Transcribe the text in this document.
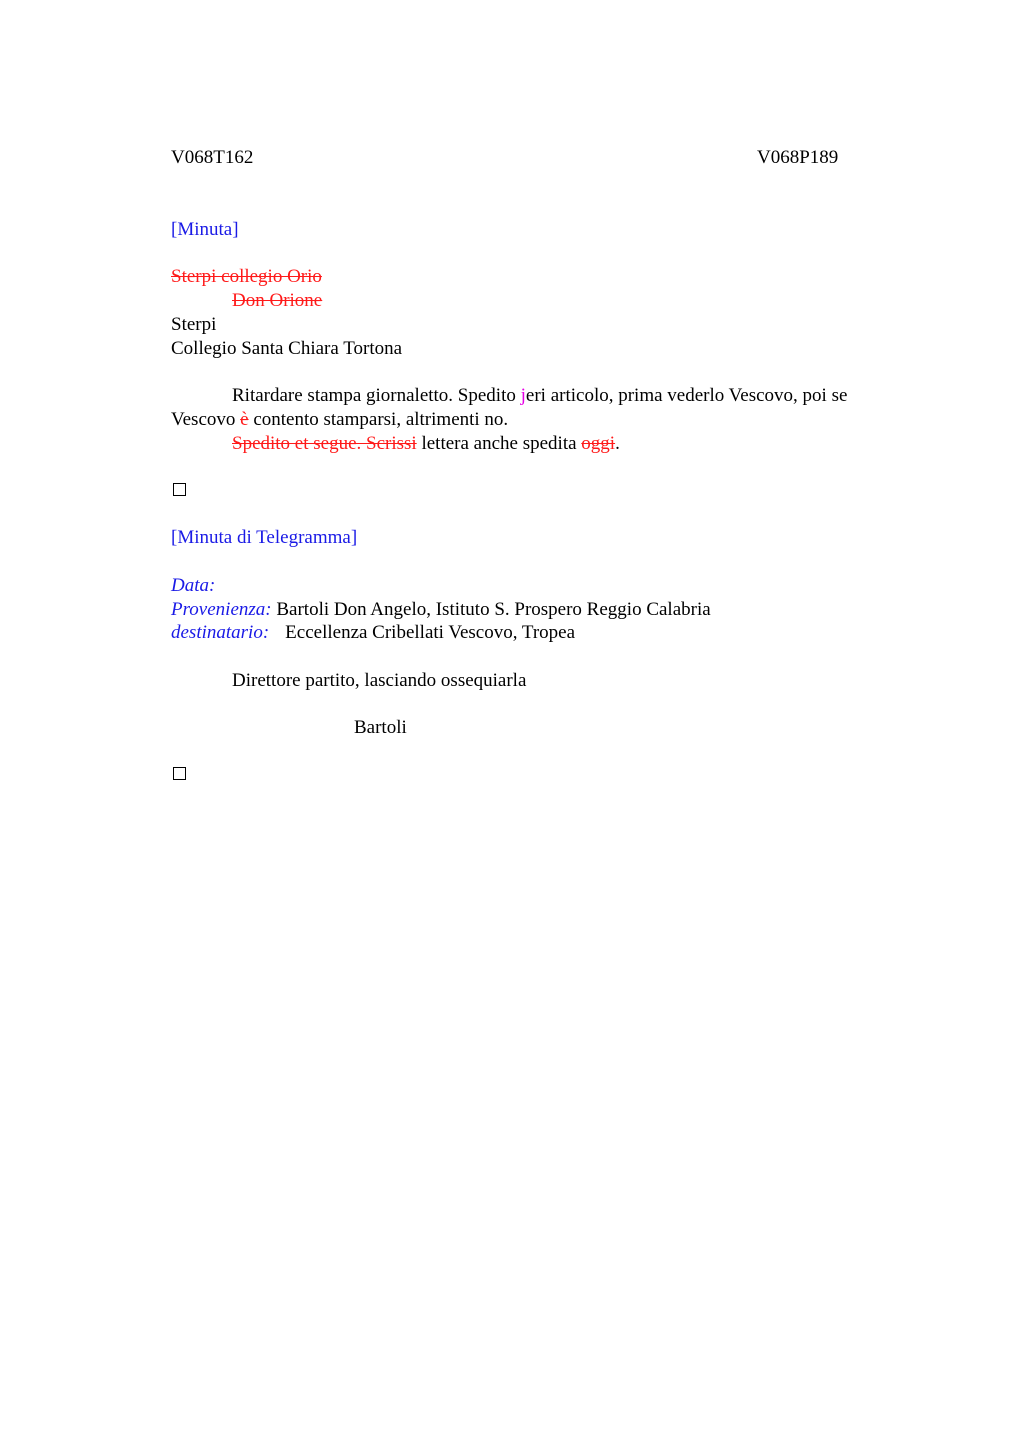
V068T162	V068P189
[Minuta]
Sterpi collegio Orio
Don Orione
Sterpi
Collegio Santa Chiara Tortona
Ritardare stampa giornaletto. Spedito jeri articolo, prima vederlo Vescovo, poi se
Vescovo è contento stamparsi, altrimenti no.
Spedito et segue. Scrissi lettera anche spedita oggi.
[Minuta di Telegramma]
Data:
Provenienza: Bartoli Don Angelo, Istituto S. Prospero Reggio Calabria
destinatario: Eccellenza Cribellati Vescovo, Tropea
Direttore partito, lasciando ossequiarla
Bartoli
